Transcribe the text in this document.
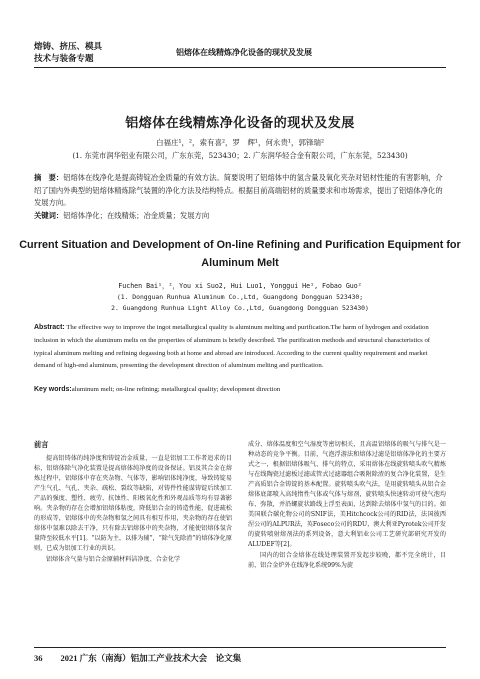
熔铸、挤压、模具
技术与装备专题
铝熔体在线精炼净化设备的现状及发展
铝熔体在线精炼净化设备的现状及发展
白福庄¹，²，索有喜²，罗　辉¹，何永贵¹，郭锋瑞²
(1. 东莞市润华铝业有限公司，广东东莞，523430；2. 广东润华轻合金有限公司，广东东莞，523430)
摘　要：铝熔体在线净化是提高铸锭冶金质量的有效方法。简要说明了铝熔体中的氢含量及氧化夹杂对铝材性能的有害影响，介绍了国内外典型的铝熔体精炼除气装置的净化方法及结构特点。根据目前高端铝材的质量要求和市场需求，提出了铝熔体净化的发展方向。
关键词：铝熔体净化；在线精炼；冶金质量；发展方向
Current Situation and Development of On-line Refining and Purification Equipment for
Aluminum Melt
Fuchen Bai¹，²，You xi Suo2, Hui Luo1, Yonggui He¹, Fobao Guo²
(1. Dongguan Runhua Aluminum Co.,Ltd, Guangdong Dongguan 523430;
2. Guangdong Runhua Light Alloy Co.,Ltd, Guangdong Dongguan 523430)
Abstract: The effective way to improve the ingot metallurgical quality is aluminum melting and purification.The harm of hydrogen and oxidation inclusion in which the aluminum melts on the properties of aluminum is briefly described. The purification methods and structural characteristics of typical aluminum melting and refining degassing both at home and abroad are introduced. According to the current quality requirement and market demand of high-end aluminum, presenting the development direction of aluminum melting and purification.
Key words:aluminum melt; on-line refining; metallurgical quality; development direction
前言

提高铝铸体的纯净度和铸锭冶金质量，一直是铝加工工作者追求的目标，铝熔体除气净化装置是提高熔体纯净度的设备保证。铝及其合金在熔炼过程中，铝熔体中存在夹杂物、气体等，影响铝体纯净度，导致铸锭易产生气孔、气孔、夹杂、疏松、裂纹等缺陷，对铸件性能谋铸锭后续加工产品的强度、塑性、疲劳、抗蚀性、阳极氧化性和外观品质等均有显著影响。夹杂物的存在会增加铝熔体粘度，降低铝合金的铸造性能，促进疏松的形成等，铝熔体中的夹杂物和氢之间具有相互作用，夹杂物的存在使铝熔体中氢难以除去干净，只有除去铝熔体中的夹杂物，才能使铝熔体氢含量降至较低水平[1]。“以防为主，以排为辅”，“除气先除渣”的熔体净化原则，已成为铝加工行业的共识。

铝熔体含气量与铝合金原辅材料洁净度、合金化学

成分、熔体温度和空气湿度等密切相关，且高温铝熔体的吸气与排气是一种动态的竞争平衡。目前，气泡浮游法和熔体过滤是铝熔体净化的主要方式之一，根据铝熔体吸气、排气的特点，采用熔体在线旋转喷头吹气精炼与在线陶瓷过滤板过滤或管式过滤器组合吸附除渣的复合净化装置，是生产高质铝合金铸锭的基本配置。旋转喷头吹气法，是用旋转喷头从铝合金熔体底部喷入高纯惰性气体或气体与熔剂，旋转喷头快速转动可使气泡均布、弥散，并沿螺旋状路线上浮至表面，达到除去熔体中氢气的目的。如美国联合碳化物公司的SNIF法，美Hitchcock公司的RID法，法国彼西涅公司的ALPUR法，英Foseco公司的RDU，澳大利亚Pyrotek公司开发的旋转喷射熔剂法的系列设备，意大利铝业公司工艺研究部研究开发的ALUDEF等[2]。

国内的铝合金熔体在线处理装置开发起步较晚，都不完全统计，目前，铝合金炉外在线净化系统99%为旋

36 2021 广东（南海）铝加工产业技术大会　论文集
